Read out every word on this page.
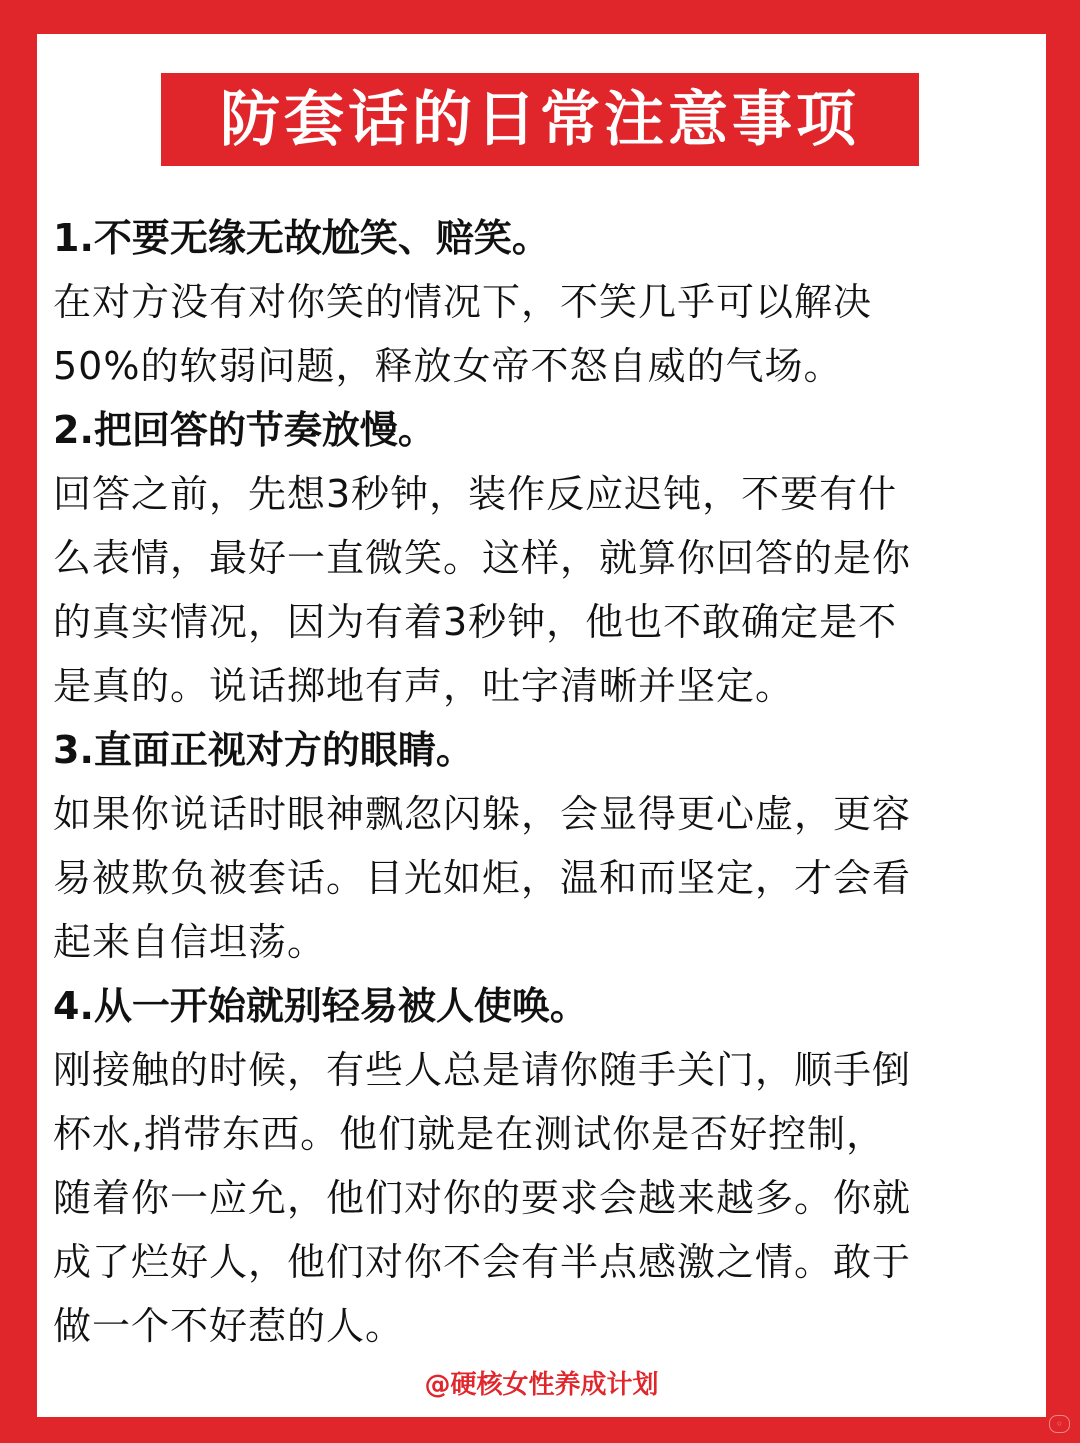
防套话的日常注意事项
1.不要无缘无故尬笑、赔笑。
在对方没有对你笑的情况下，不笑几乎可以解决
50%的软弱问题，释放女帝不怒自威的气场。
2.把回答的节奏放慢。
回答之前，先想3秒钟，装作反应迟钝，不要有什
么表情，最好一直微笑。这样，就算你回答的是你
的真实情况，因为有着3秒钟，他也不敢确定是不
是真的。说话掷地有声，吐字清晰并坚定。
3.直面正视对方的眼睛。
如果你说话时眼神飘忽闪躲，会显得更心虚，更容
易被欺负被套话。目光如炬，温和而坚定，才会看
起来自信坦荡。
4.从一开始就别轻易被人使唤。
刚接触的时候，有些人总是请你随手关门，顺手倒
杯水,捎带东西。他们就是在测试你是否好控制，
随着你一应允，他们对你的要求会越来越多。你就
成了烂好人，他们对你不会有半点感激之情。敢于
做一个不好惹的人。
@硬核女性养成计划
◦
